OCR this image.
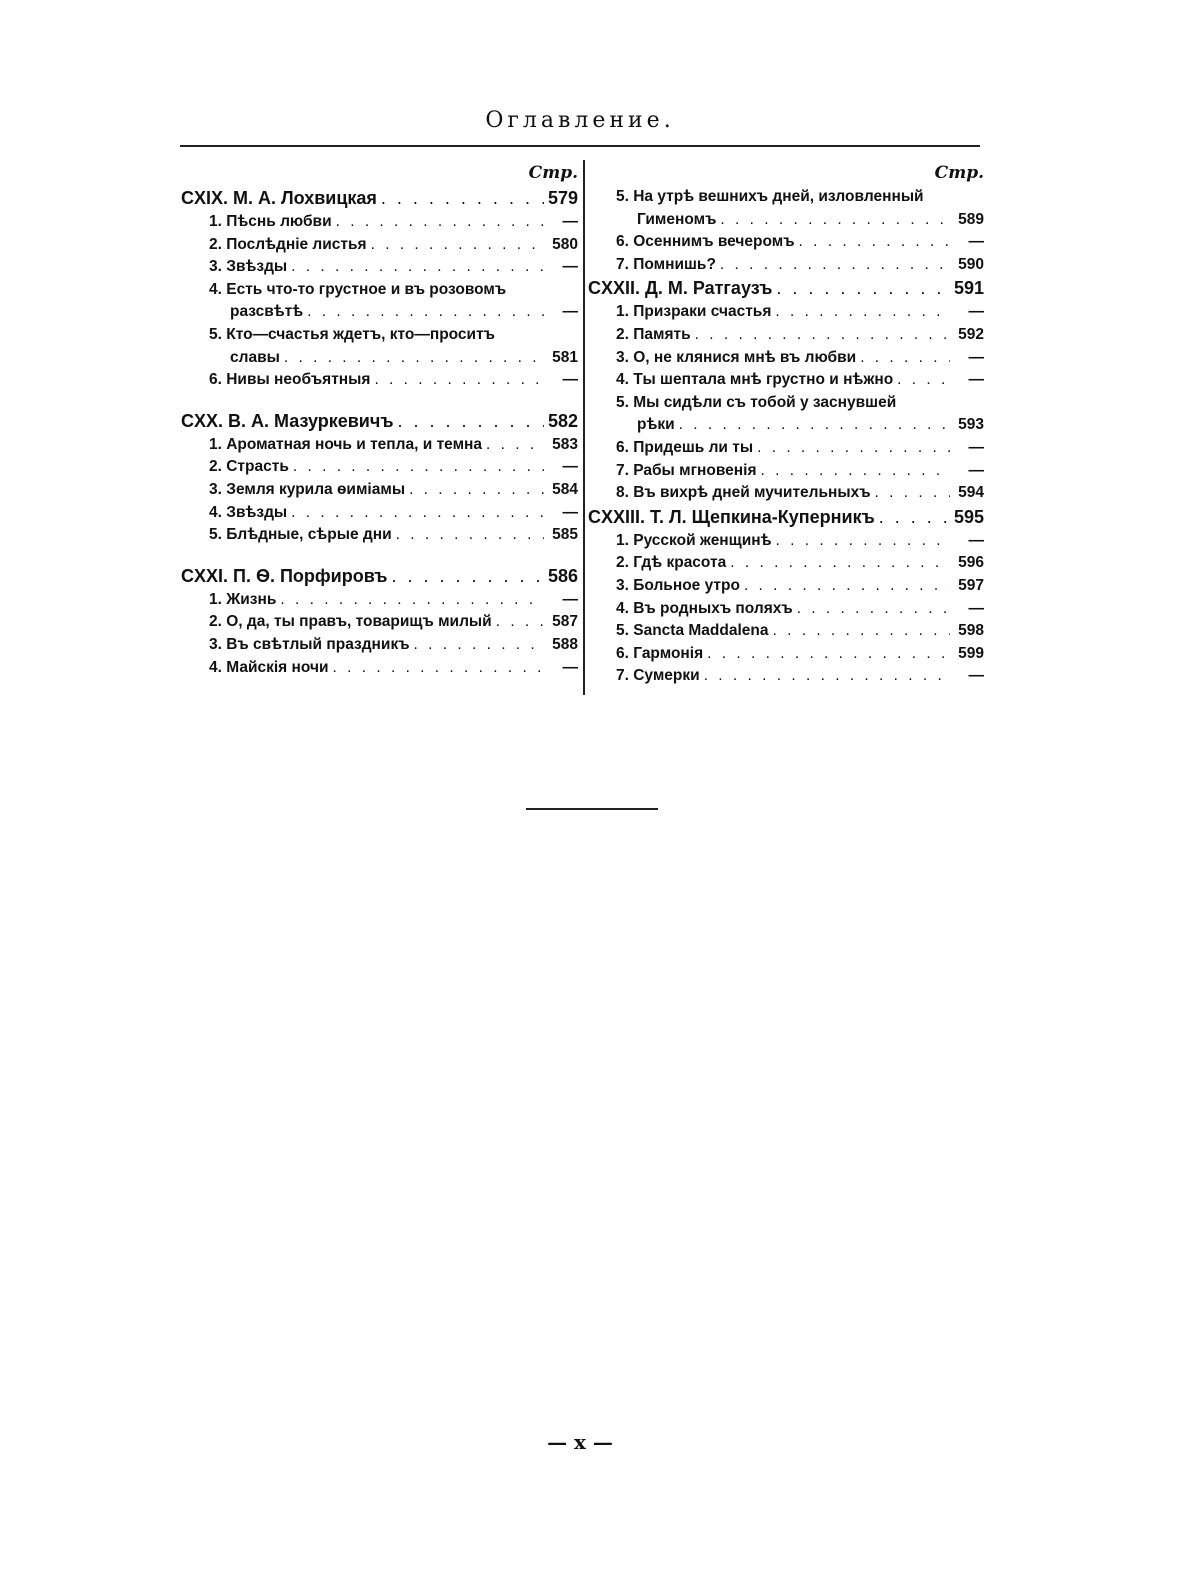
Оглавление.
Стр.
CXIX. М. А. Лохвицкая . . .	579
1. Пѣснь любви . . .	—
2. Послѣдніе листья . . .	580
3. Звѣзды . . .	—
4. Есть что-то грустное и въ розовомъ
разсвѣтѣ . . .	—
5. Кто—счастья ждетъ, кто—проситъ
славы . . .	581
6. Нивы необъятныя . . .	—
CXX. В. А. Мазуркевичъ . . .	582
1. Ароматная ночь и тепла, и темна . . .	583
2. Страсть . . .	—
3. Земля курила ѳиміамы . . .	584
4. Звѣзды . . .	—
5. Блѣдные, сѣрые дни . . .	585
CXXI. П. Ѳ. Порфировъ . . .	586
1. Жизнь . . .	—
2. О, да, ты правъ, товарищъ милый . . .	587
3. Въ свѣтлый праздникъ . . .	588
4. Майскія ночи . . .	—
Стр.
5. На утрѣ вешнихъ дней, изловленный
Гименомъ . . .	589
6. Осеннимъ вечеромъ . . .	—
7. Помнишь? . . .	590
CXXII. Д. М. Ратгаузъ . . .	591
1. Призраки счастья . . .	—
2. Память . . .	592
3. О, не клянися мнѣ въ любви . . .	—
4. Ты шептала мнѣ грустно и нѣжно . . .	—
5. Мы сидѣли съ тобой у заснувшей
рѣки . . .	593
6. Придешь ли ты . . .	—
7. Рабы мгновенія . . .	—
8. Въ вихрѣ дней мучительныхъ . . .	594
CXXIII. Т. Л. Щепкина-Куперникъ . . .	595
1. Русской женщинѣ . . .	—
2. Гдѣ красота . . .	596
3. Больное утро . . .	597
4. Въ родныхъ поляхъ . . .	—
5. Sancta Maddalena . . .	598
6. Гармонія . . .	599
7. Сумерки . . .	—
— x —
